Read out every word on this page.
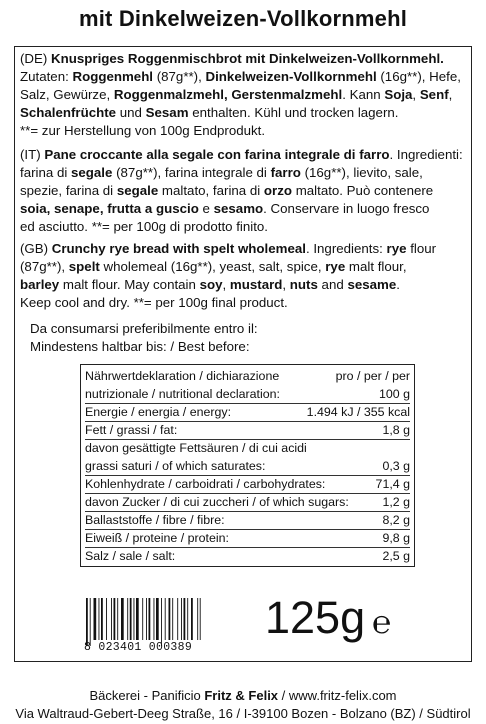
mit Dinkelweizen-Vollkornmehl
(DE) Knuspriges Roggenmischbrot mit Dinkelweizen-Vollkornmehl.
Zutaten: Roggenmehl (87g**), Dinkelweizen-Vollkornmehl (16g**), Hefe,
Salz, Gewürze, Roggenmalzmehl, Gerstenmalzmehl. Kann Soja, Senf,
Schalenfrüchte und Sesam enthalten. Kühl und trocken lagern.
**= zur Herstellung von 100g Endprodukt.
(IT) Pane croccante alla segale con farina integrale di farro. Ingredienti:
farina di segale (87g**), farina integrale di farro (16g**), lievito, sale,
spezie, farina di segale maltato, farina di orzo maltato. Può contenere
soia, senape, frutta a guscio e sesamo. Conservare in luogo fresco
ed asciutto. **= per 100g di prodotto finito.
(GB) Crunchy rye bread with spelt wholemeal. Ingredients: rye flour
(87g**), spelt wholemeal (16g**), yeast, salt, spice, rye malt flour,
barley malt flour. May contain soy, mustard, nuts and sesame.
Keep cool and dry. **= per 100g final product.
Da consumarsi preferibilmente entro il:
Mindestens haltbar bis: / Best before:
Nährwertdeklaration / dichiarazione	pro / per / per
nutrizionale / nutritional declaration:	100 g
Energie / energia / energy:	1.494 kJ / 355 kcal
Fett / grassi / fat:	1,8 g
davon gesättigte Fettsäuren / di cui acidi
grassi saturi / of which saturates:	0,3 g
Kohlenhydrate / carboidrati / carbohydrates:	71,4 g
davon Zucker / di cui zuccheri / of which sugars:	1,2 g
Ballaststoffe / fibre / fibre:	8,2 g
Eiweiß / proteine / protein:	9,8 g
Salz / sale / salt:	2,5 g
8 023401 000389
125g ℮
Bäckerei - Panificio Fritz & Felix / www.fritz-felix.com
Via Waltraud-Gebert-Deeg Straße, 16 / I-39100 Bozen - Bolzano (BZ) / Südtirol
